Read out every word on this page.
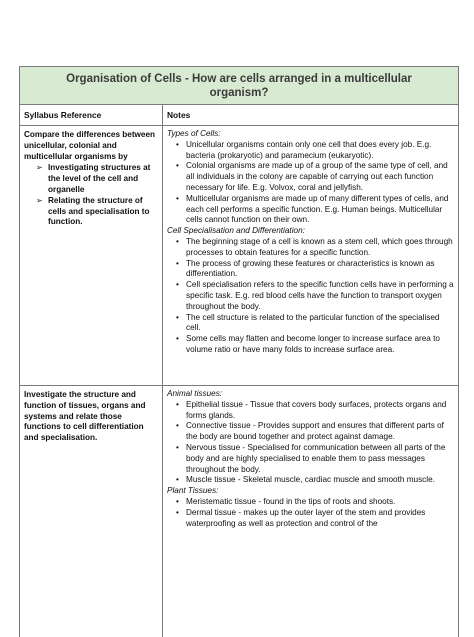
Organisation of Cells - How are cells arranged in a multicellular organism?
Syllabus Reference	Notes
Compare the differences between unicellular, colonial and multicellular organisms by
➢ Investigating structures at the level of the cell and organelle
➢ Relating the structure of cells and specialisation to function.
Types of Cells:
• Unicellular organisms contain only one cell that does every job. E.g. bacteria (prokaryotic) and paramecium (eukaryotic).
• Colonial organisms are made up of a group of the same type of cell, and all individuals in the colony are capable of carrying out each function necessary for life. E.g. Volvox, coral and jellyfish.
• Multicellular organisms are made up of many different types of cells, and each cell performs a specific function. E.g. Human beings. Multicellular cells cannot function on their own.
Cell Specialisation and Differentiation:
• The beginning stage of a cell is known as a stem cell, which goes through processes to obtain features for a specific function.
• The process of growing these features or characteristics is known as differentiation.
• Cell specialisation refers to the specific function cells have in performing a specific task. E.g. red blood cells have the function to transport oxygen throughout the body.
• The cell structure is related to the particular function of the specialised cell.
• Some cells may flatten and become longer to increase surface area to volume ratio or have many folds to increase surface area.
Investigate the structure and function of tissues, organs and systems and relate those functions to cell differentiation and specialisation.
Animal tissues:
• Epithelial tissue - Tissue that covers body surfaces, protects organs and forms glands.
• Connective tissue - Provides support and ensures that different parts of the body are bound together and protect against damage.
• Nervous tissue - Specialised for communication between all parts of the body and are highly specialised to enable them to pass messages throughout the body.
• Muscle tissue - Skeletal muscle, cardiac muscle and smooth muscle.
Plant Tissues:
• Meristematic tissue - found in the tips of roots and shoots.
• Dermal tissue - makes up the outer layer of the stem and provides waterproofing as well as protection and control of the
